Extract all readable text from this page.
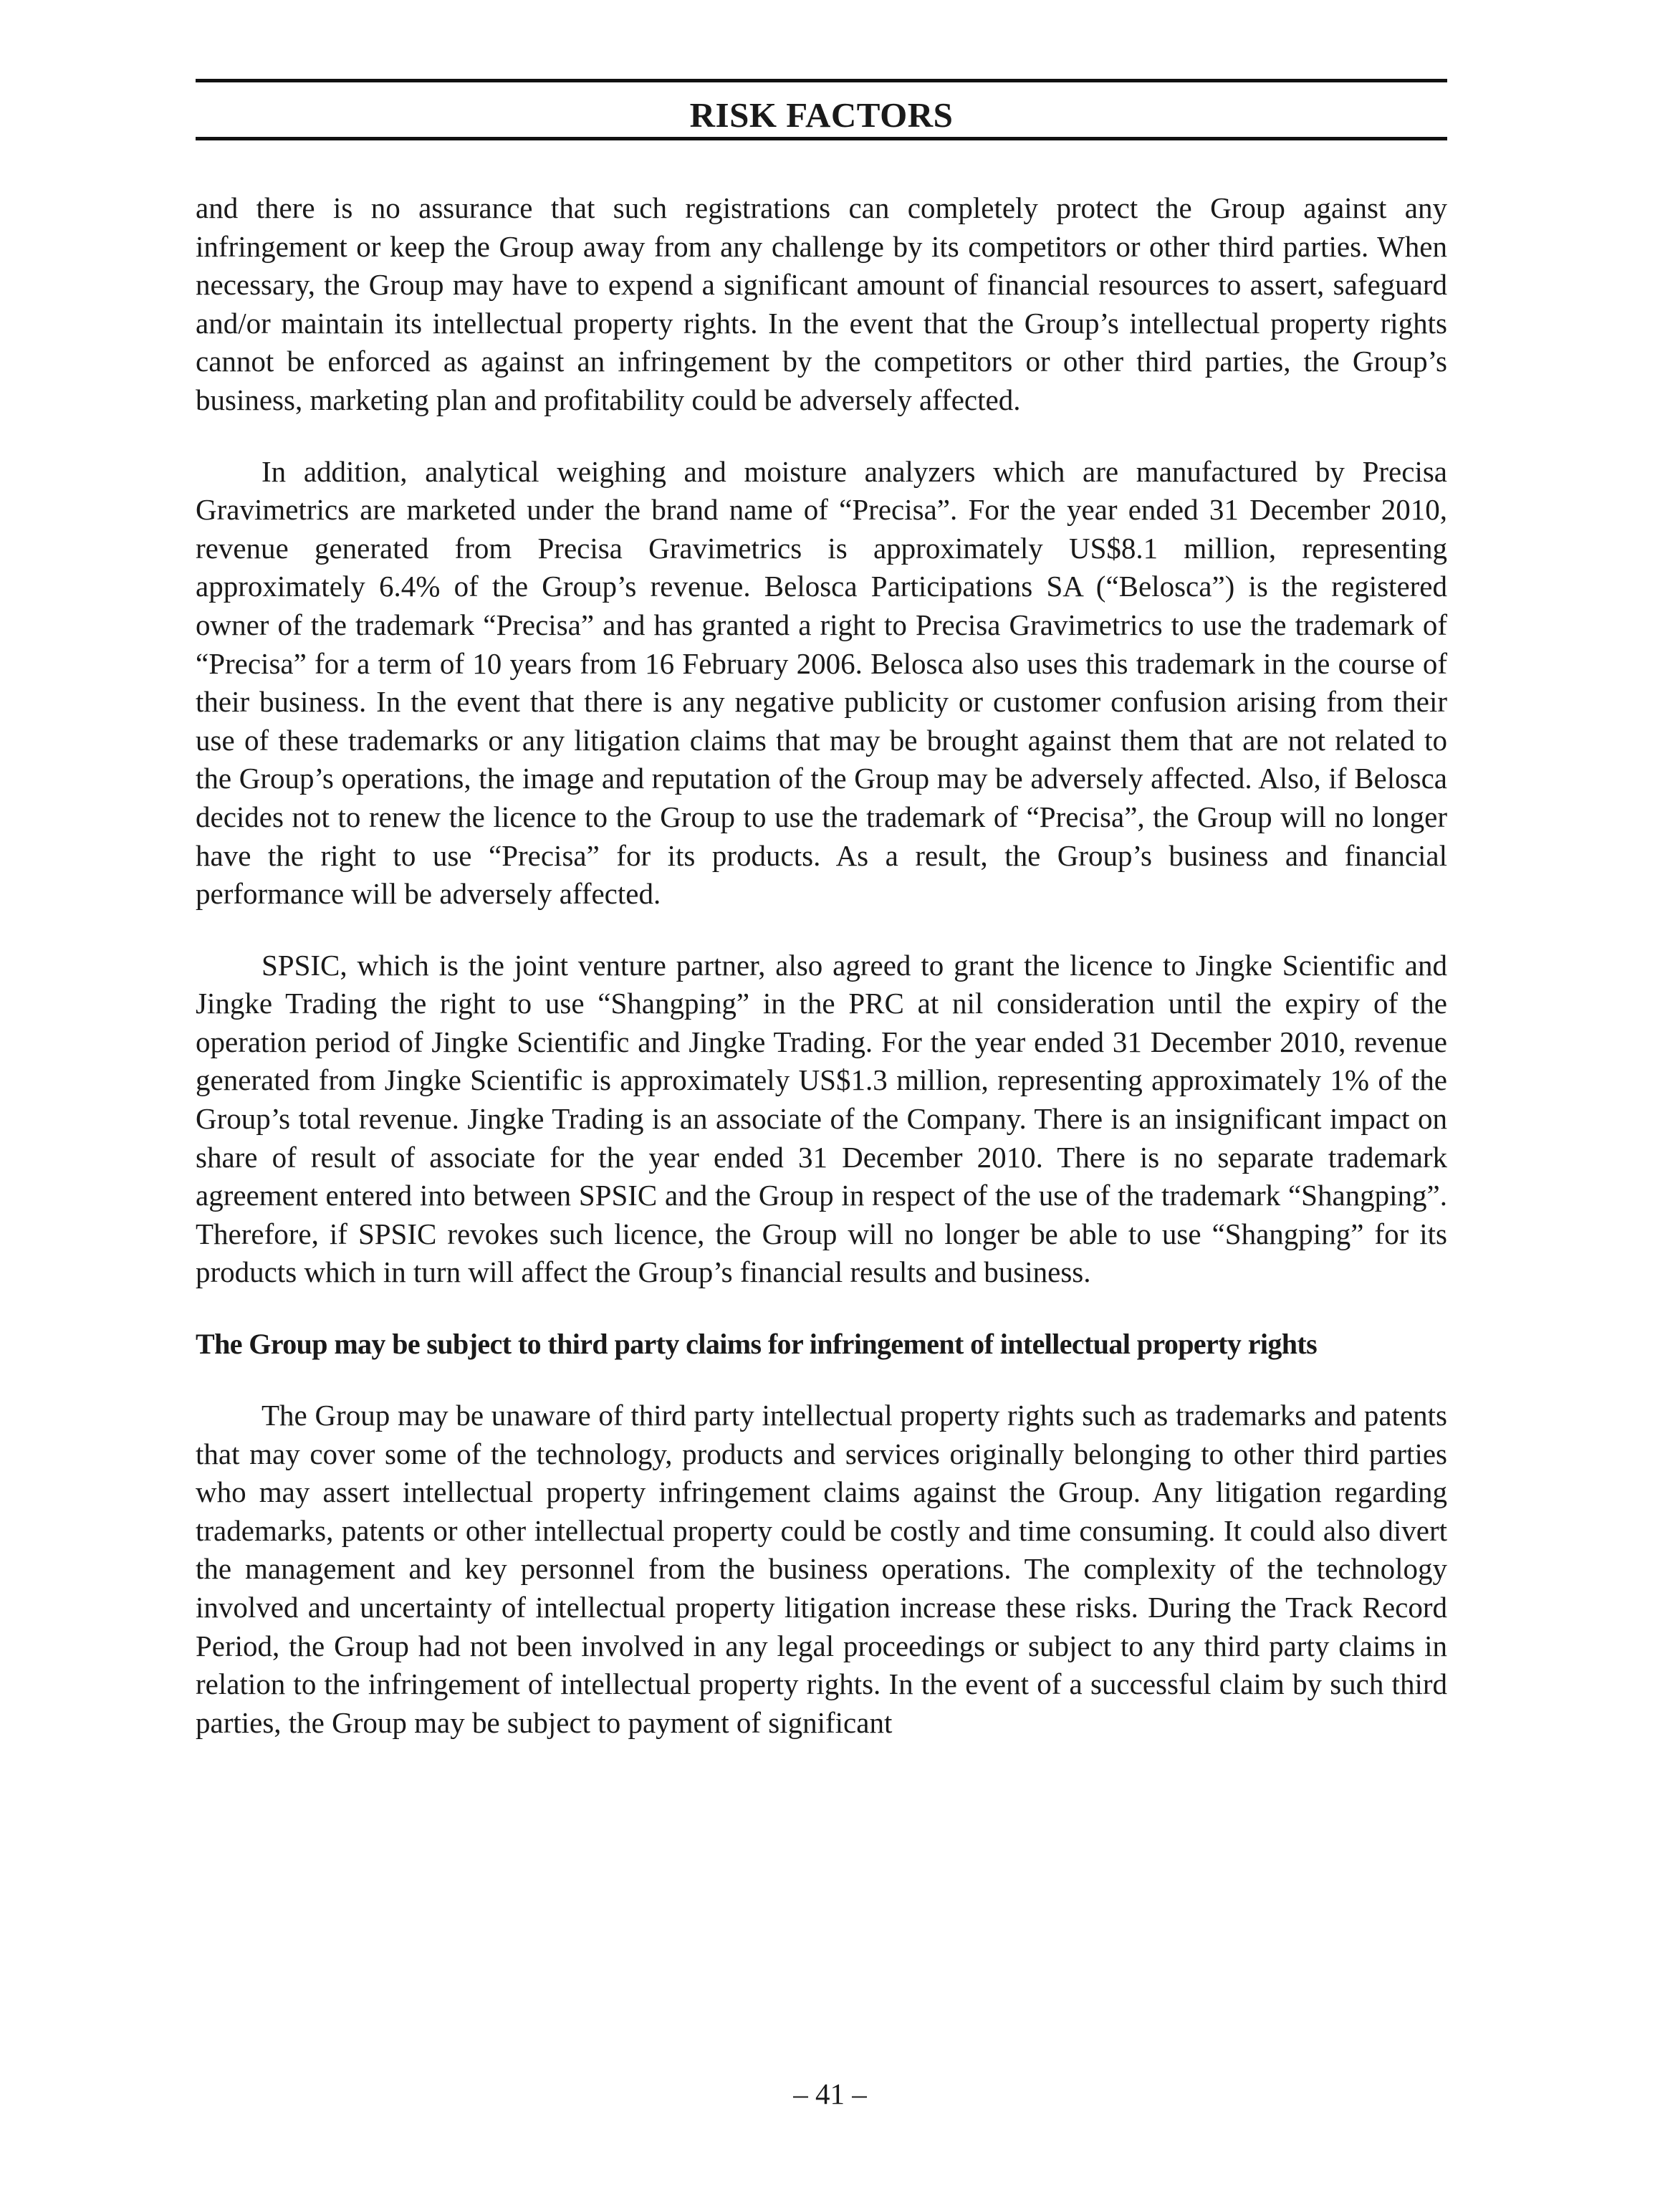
RISK FACTORS

and there is no assurance that such registrations can completely protect the Group against any infringement or keep the Group away from any challenge by its competitors or other third parties. When necessary, the Group may have to expend a significant amount of financial resources to assert, safeguard and/or maintain its intellectual property rights. In the event that the Group’s intellectual property rights cannot be enforced as against an infringement by the competitors or other third parties, the Group’s business, marketing plan and profitability could be adversely affected.

In addition, analytical weighing and moisture analyzers which are manufactured by Precisa Gravimetrics are marketed under the brand name of “Precisa”. For the year ended 31 December 2010, revenue generated from Precisa Gravimetrics is approximately US$8.1 million, representing approximately 6.4% of the Group’s revenue. Belosca Participations SA (“Belosca”) is the registered owner of the trademark “Precisa” and has granted a right to Precisa Gravimetrics to use the trademark of “Precisa” for a term of 10 years from 16 February 2006. Belosca also uses this trademark in the course of their business. In the event that there is any negative publicity or customer confusion arising from their use of these trademarks or any litigation claims that may be brought against them that are not related to the Group’s operations, the image and reputation of the Group may be adversely affected. Also, if Belosca decides not to renew the licence to the Group to use the trademark of “Precisa”, the Group will no longer have the right to use “Precisa” for its products. As a result, the Group’s business and financial performance will be adversely affected.

SPSIC, which is the joint venture partner, also agreed to grant the licence to Jingke Scientific and Jingke Trading the right to use “Shangping” in the PRC at nil consideration until the expiry of the operation period of Jingke Scientific and Jingke Trading. For the year ended 31 December 2010, revenue generated from Jingke Scientific is approximately US$1.3 million, representing approximately 1% of the Group’s total revenue. Jingke Trading is an associate of the Company. There is an insignificant impact on share of result of associate for the year ended 31 December 2010. There is no separate trademark agreement entered into between SPSIC and the Group in respect of the use of the trademark “Shangping”. Therefore, if SPSIC revokes such licence, the Group will no longer be able to use “Shangping” for its products which in turn will affect the Group’s financial results and business.

The Group may be subject to third party claims for infringement of intellectual property rights

The Group may be unaware of third party intellectual property rights such as trademarks and patents that may cover some of the technology, products and services originally belonging to other third parties who may assert intellectual property infringement claims against the Group. Any litigation regarding trademarks, patents or other intellectual property could be costly and time consuming. It could also divert the management and key personnel from the business operations. The complexity of the technology involved and uncertainty of intellectual property litigation increase these risks. During the Track Record Period, the Group had not been involved in any legal proceedings or subject to any third party claims in relation to the infringement of intellectual property rights. In the event of a successful claim by such third parties, the Group may be subject to payment of significant

– 41 –
